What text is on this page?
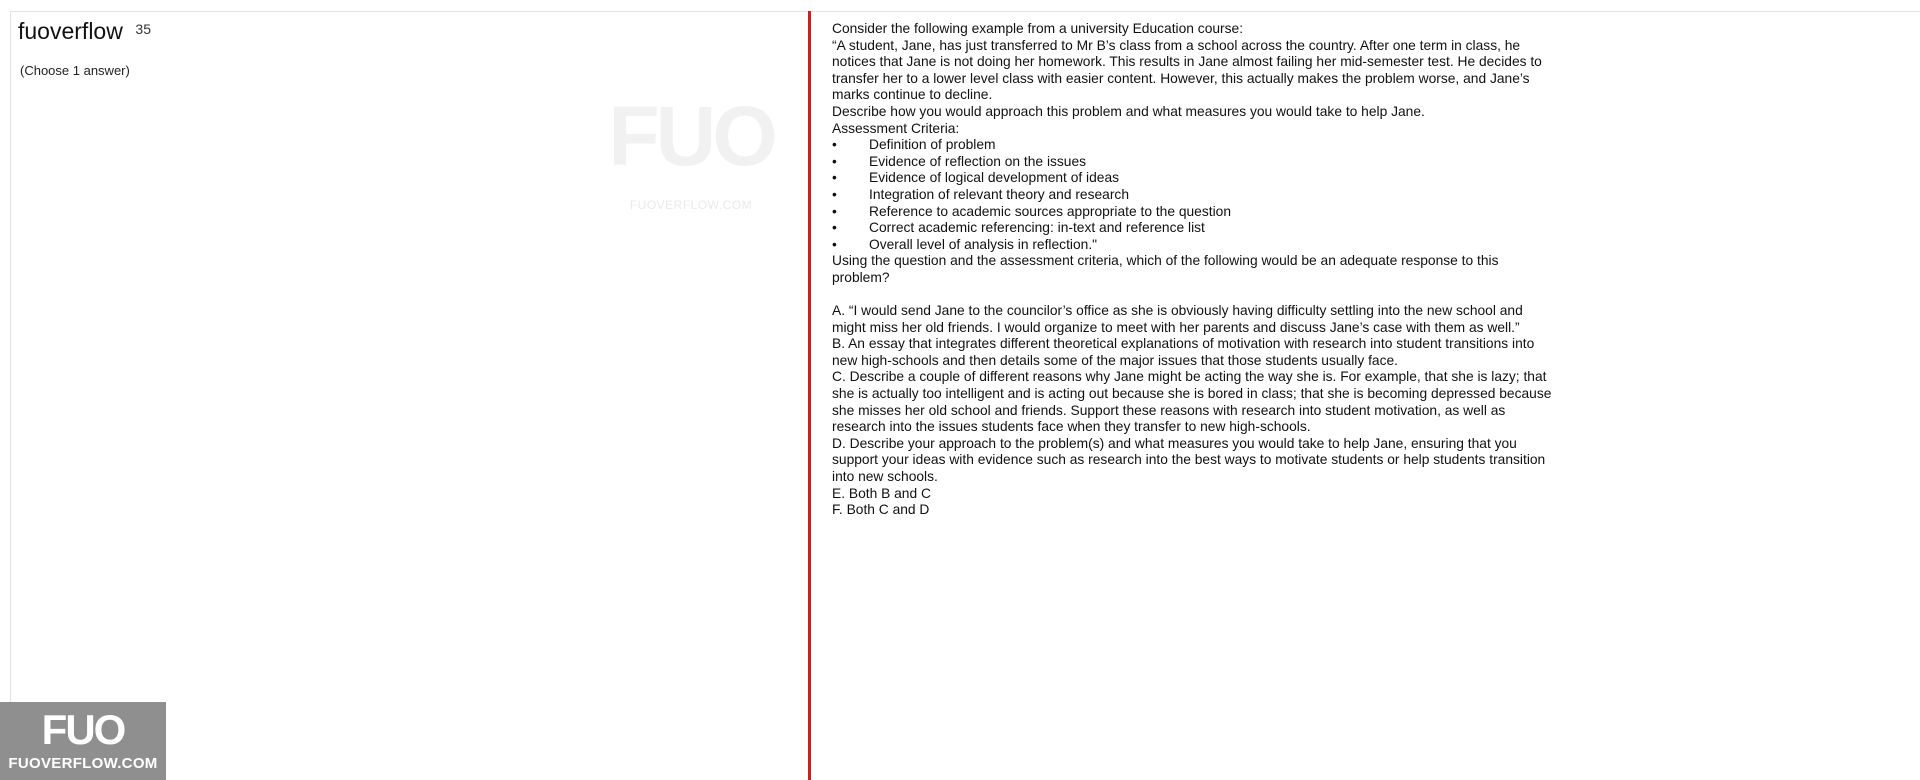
35
fuoverflow
(Choose 1 answer)
FUO
FUOVERFLOW.COM

Consider the following example from a university Education course:

“A student, Jane, has just transferred to Mr B’s class from a school across the country. After one term in class, he notices that Jane is not doing her homework. This results in Jane almost failing her mid-semester test. He decides to transfer her to a lower level class with easier content. However, this actually makes the problem worse, and Jane’s marks continue to decline.

Describe how you would approach this problem and what measures you would take to help Jane.

Assessment Criteria:

• Definition of problem
• Evidence of reflection on the issues
• Evidence of logical development of ideas
• Integration of relevant theory and research
• Reference to academic sources appropriate to the question
• Correct academic referencing: in-text and reference list
• Overall level of analysis in reflection."

Using the question and the assessment criteria, which of the following would be an adequate response to this problem?

A. “I would send Jane to the councilor’s office as she is obviously having difficulty settling into the new school and might miss her old friends. I would organize to meet with her parents and discuss Jane’s case with them as well.”

B. An essay that integrates different theoretical explanations of motivation with research into student transitions into new high-schools and then details some of the major issues that those students usually face.

C. Describe a couple of different reasons why Jane might be acting the way she is. For example, that she is lazy; that she is actually too intelligent and is acting out because she is bored in class; that she is becoming depressed because she misses her old school and friends. Support these reasons with research into student motivation, as well as research into the issues students face when they transfer to new high-schools.

D. Describe your approach to the problem(s) and what measures you would take to help Jane, ensuring that you support your ideas with evidence such as research into the best ways to motivate students or help students transition into new schools.

E. Both B and C

F. Both C and D

FUO
FUOVERFLOW.COM
